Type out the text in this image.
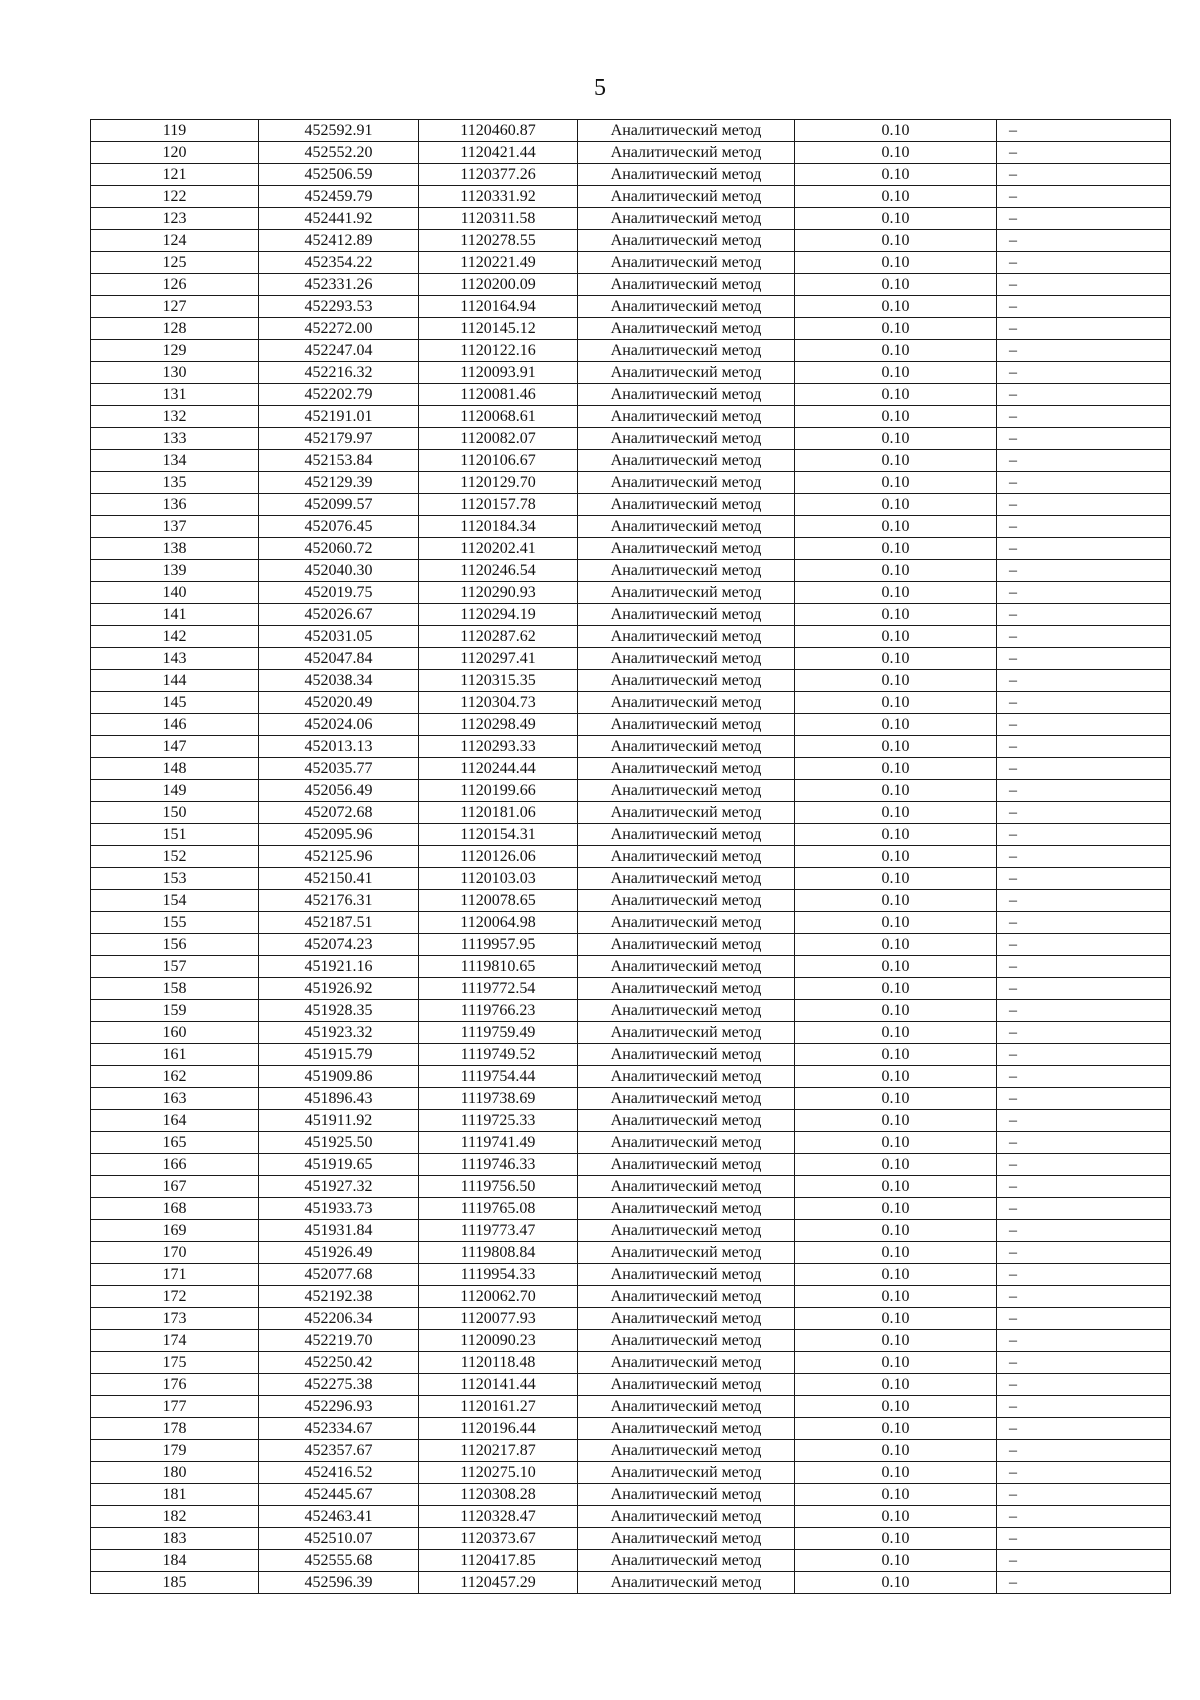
5
119	452592.91	1120460.87	Аналитический метод	0.10	–
120	452552.20	1120421.44	Аналитический метод	0.10	–
121	452506.59	1120377.26	Аналитический метод	0.10	–
122	452459.79	1120331.92	Аналитический метод	0.10	–
123	452441.92	1120311.58	Аналитический метод	0.10	–
124	452412.89	1120278.55	Аналитический метод	0.10	–
125	452354.22	1120221.49	Аналитический метод	0.10	–
126	452331.26	1120200.09	Аналитический метод	0.10	–
127	452293.53	1120164.94	Аналитический метод	0.10	–
128	452272.00	1120145.12	Аналитический метод	0.10	–
129	452247.04	1120122.16	Аналитический метод	0.10	–
130	452216.32	1120093.91	Аналитический метод	0.10	–
131	452202.79	1120081.46	Аналитический метод	0.10	–
132	452191.01	1120068.61	Аналитический метод	0.10	–
133	452179.97	1120082.07	Аналитический метод	0.10	–
134	452153.84	1120106.67	Аналитический метод	0.10	–
135	452129.39	1120129.70	Аналитический метод	0.10	–
136	452099.57	1120157.78	Аналитический метод	0.10	–
137	452076.45	1120184.34	Аналитический метод	0.10	–
138	452060.72	1120202.41	Аналитический метод	0.10	–
139	452040.30	1120246.54	Аналитический метод	0.10	–
140	452019.75	1120290.93	Аналитический метод	0.10	–
141	452026.67	1120294.19	Аналитический метод	0.10	–
142	452031.05	1120287.62	Аналитический метод	0.10	–
143	452047.84	1120297.41	Аналитический метод	0.10	–
144	452038.34	1120315.35	Аналитический метод	0.10	–
145	452020.49	1120304.73	Аналитический метод	0.10	–
146	452024.06	1120298.49	Аналитический метод	0.10	–
147	452013.13	1120293.33	Аналитический метод	0.10	–
148	452035.77	1120244.44	Аналитический метод	0.10	–
149	452056.49	1120199.66	Аналитический метод	0.10	–
150	452072.68	1120181.06	Аналитический метод	0.10	–
151	452095.96	1120154.31	Аналитический метод	0.10	–
152	452125.96	1120126.06	Аналитический метод	0.10	–
153	452150.41	1120103.03	Аналитический метод	0.10	–
154	452176.31	1120078.65	Аналитический метод	0.10	–
155	452187.51	1120064.98	Аналитический метод	0.10	–
156	452074.23	1119957.95	Аналитический метод	0.10	–
157	451921.16	1119810.65	Аналитический метод	0.10	–
158	451926.92	1119772.54	Аналитический метод	0.10	–
159	451928.35	1119766.23	Аналитический метод	0.10	–
160	451923.32	1119759.49	Аналитический метод	0.10	–
161	451915.79	1119749.52	Аналитический метод	0.10	–
162	451909.86	1119754.44	Аналитический метод	0.10	–
163	451896.43	1119738.69	Аналитический метод	0.10	–
164	451911.92	1119725.33	Аналитический метод	0.10	–
165	451925.50	1119741.49	Аналитический метод	0.10	–
166	451919.65	1119746.33	Аналитический метод	0.10	–
167	451927.32	1119756.50	Аналитический метод	0.10	–
168	451933.73	1119765.08	Аналитический метод	0.10	–
169	451931.84	1119773.47	Аналитический метод	0.10	–
170	451926.49	1119808.84	Аналитический метод	0.10	–
171	452077.68	1119954.33	Аналитический метод	0.10	–
172	452192.38	1120062.70	Аналитический метод	0.10	–
173	452206.34	1120077.93	Аналитический метод	0.10	–
174	452219.70	1120090.23	Аналитический метод	0.10	–
175	452250.42	1120118.48	Аналитический метод	0.10	–
176	452275.38	1120141.44	Аналитический метод	0.10	–
177	452296.93	1120161.27	Аналитический метод	0.10	–
178	452334.67	1120196.44	Аналитический метод	0.10	–
179	452357.67	1120217.87	Аналитический метод	0.10	–
180	452416.52	1120275.10	Аналитический метод	0.10	–
181	452445.67	1120308.28	Аналитический метод	0.10	–
182	452463.41	1120328.47	Аналитический метод	0.10	–
183	452510.07	1120373.67	Аналитический метод	0.10	–
184	452555.68	1120417.85	Аналитический метод	0.10	–
185	452596.39	1120457.29	Аналитический метод	0.10	–
